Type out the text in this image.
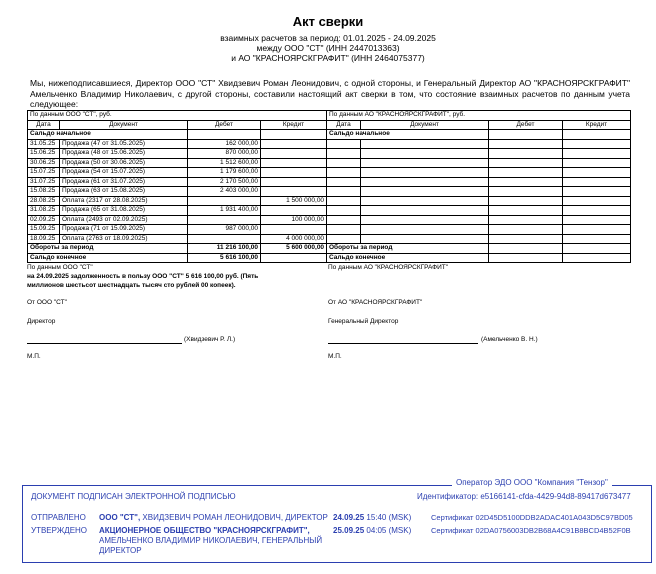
Акт сверки
взаимных расчетов за период: 01.01.2025 - 24.09.2025
между ООО "СТ" (ИНН 2447013363)
и АО "КРАСНОЯРСКГРАФИТ" (ИНН 2464075377)
Мы, нижеподписавшиеся, Директор ООО "СТ" Хвидзевич Роман Леонидович, с одной стороны, и Генеральный Директор АО "КРАСНОЯРСКГРАФИТ" Амельченко Владимир Николаевич, с другой стороны, составили настоящий акт сверки в том, что состояние взаимных расчетов по данным учета следующее:
По данным ООО "СТ", руб.			
Дата	Документ	Дебет	Кредит
Сальдо начальное			
31.05.25	Продажа (47 от 31.05.2025)	162 000,00	
15.06.25	Продажа (48 от 15.06.2025)	870 000,00	
30.06.25	Продажа (50 от 30.06.2025)	1 512 600,00	
15.07.25	Продажа (54 от 15.07.2025)	1 179 600,00	
31.07.25	Продажа (61 от 31.07.2025)	2 170 500,00	
15.08.25	Продажа (63 от 15.08.2025)	2 403 000,00	
28.08.25	Оплата (2317 от 28.08.2025)		1 500 000,00
31.08.25	Продажа (65 от 31.08.2025)	1 931 400,00	
02.09.25	Оплата (2493 от 02.09.2025)		100 000,00
15.09.25	Продажа (71 от 15.09.2025)	987 000,00	
18.09.25	Оплата (2763 от 18.09.2025)		4 000 000,00
Обороты за период		11 216 100,00	5 600 000,00
Сальдо конечное		5 616 100,00	
По данным АО "КРАСНОЯРСКГРАФИТ", руб.			
Дата	Документ	Дебет	Кредит
Сальдо начальное			

Обороты за период			
Сальдо конечное			
По данным ООО "СТ"
на 24.09.2025 задолженность в пользу ООО "СТ" 5 616 100,00 руб. (Пять миллионов шестьсот шестнадцать тысяч сто рублей 00 копеек).
По данным АО "КРАСНОЯРСКГРАФИТ"
От ООО "СТ"
Директор
(Хвидзевич Р. Л.)
М.П.
От АО "КРАСНОЯРСКГРАФИТ"
Генеральный Директор
(Амельченко В. Н.)
М.П.
ДОКУМЕНТ ПОДПИСАН ЭЛЕКТРОННОЙ ПОДПИСЬЮ	Идентификатор: e5166141-cfda-4429-94d8-89417d673477
ОТПРАВЛЕНО ООО "СТ", ХВИДЗЕВИЧ РОМАН ЛЕОНИДОВИЧ, ДИРЕКТОР 24.09.25 15:40 (MSK)	Сертификат 02D45D5100DDB2ADAC401A043D5C97BD05
УТВЕРЖДЕНО АКЦИОНЕРНОЕ ОБЩЕСТВО "КРАСНОЯРСКГРАФИТ",
АМЕЛЬЧЕНКО ВЛАДИМИР НИКОЛАЕВИЧ, ГЕНЕРАЛЬНЫЙ
ДИРЕКТОР
25.09.25 04:05 (MSK)	Сертификат 02DA0756003DB2B68A4C91B8BCD4B52F0B
Оператор ЭДО ООО "Компания "Тензор"
